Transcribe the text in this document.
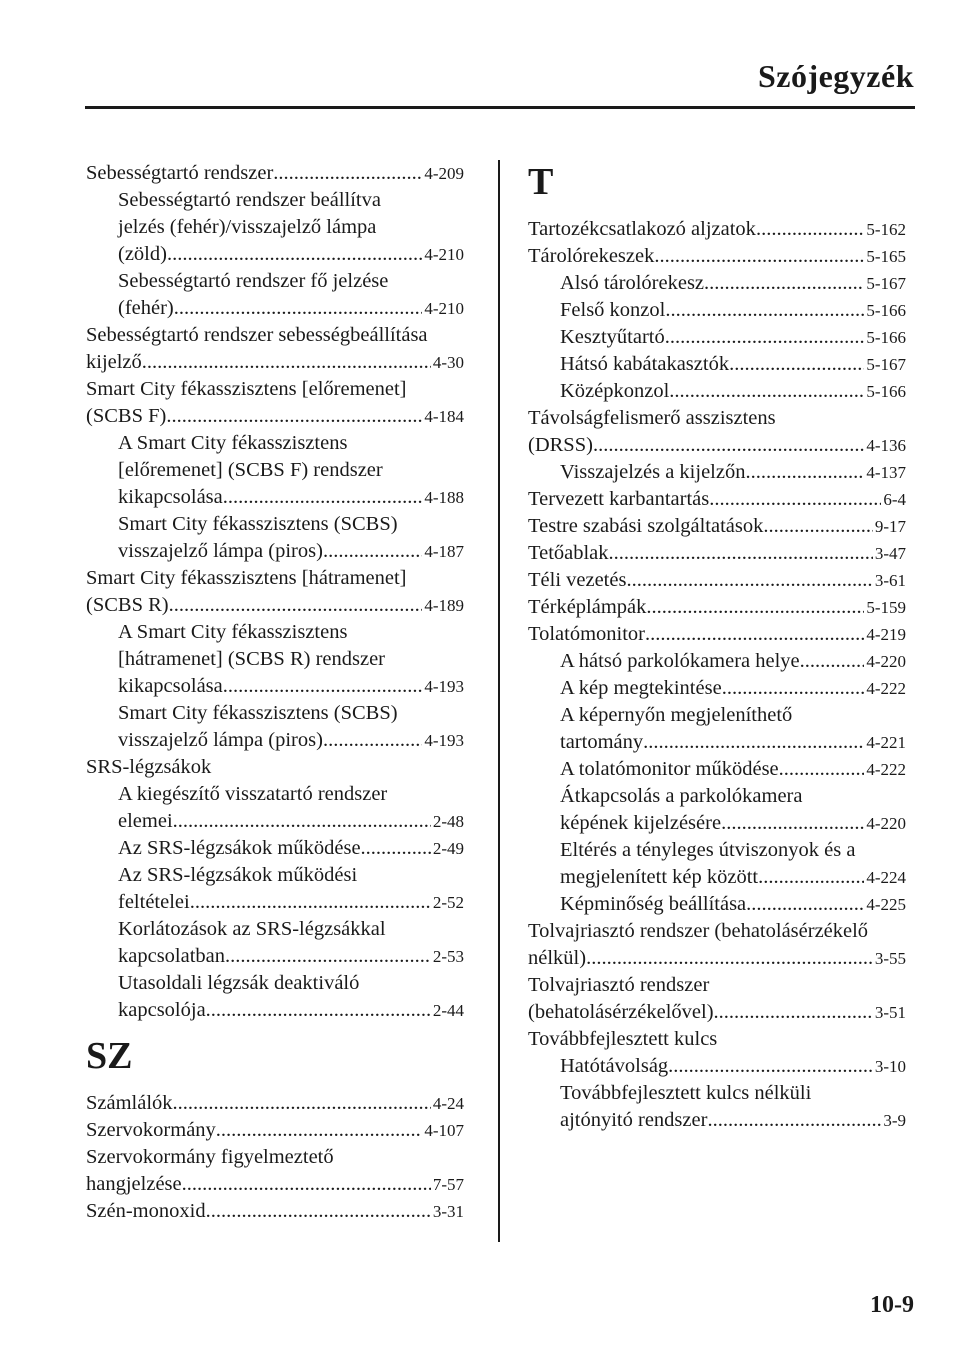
Szójegyzék
Sebességtartó rendszer .....	4-209
Sebességtartó rendszer beállítva
jelzés (fehér)/visszajelző lámpa
(zöld) .....	4-210
Sebességtartó rendszer fő jelzése
(fehér) .....	4-210
Sebességtartó rendszer sebességbeállítása
kijelző .....	4-30
Smart City fékasszisztens [előremenet]
(SCBS F) .....	4-184
A Smart City fékasszisztens
[előremenet] (SCBS F) rendszer
kikapcsolása .....	4-188
Smart City fékasszisztens (SCBS)
visszajelző lámpa (piros) .....	4-187
Smart City fékasszisztens [hátramenet]
(SCBS R) .....	4-189
A Smart City fékasszisztens
[hátramenet] (SCBS R) rendszer
kikapcsolása .....	4-193
Smart City fékasszisztens (SCBS)
visszajelző lámpa (piros) .....	4-193
SRS-légzsákok
A kiegészítő visszatartó rendszer
elemei .....	2-48
Az SRS-légzsákok működése .....	2-49
Az SRS-légzsákok működési
feltételei .....	2-52
Korlátozások az SRS-légzsákkal
kapcsolatban .....	2-53
Utasoldali légzsák deaktiváló
kapcsolója .....	2-44
SZ
Számlálók .....	4-24
Szervokormány .....	4-107
Szervokormány figyelmeztető
hangjelzése .....	7-57
Szén-monoxid .....	3-31
T
Tartozékcsatlakozó aljzatok .....	5-162
Tárolórekeszek .....	5-165
Alsó tárolórekesz .....	5-167
Felső konzol .....	5-166
Kesztyűtartó .....	5-166
Hátsó kabátakasztók .....	5-167
Középkonzol .....	5-166
Távolságfelismerő asszisztens
(DRSS) .....	4-136
Visszajelzés a kijelzőn .....	4-137
Tervezett karbantartás .....	6-4
Testre szabási szolgáltatások .....	9-17
Tetőablak .....	3-47
Téli vezetés .....	3-61
Térképlámpák .....	5-159
Tolatómonitor .....	4-219
A hátsó parkolókamera helye .....	4-220
A kép megtekintése .....	4-222
A képernyőn megjeleníthető
tartomány .....	4-221
A tolatómonitor működése .....	4-222
Átkapcsolás a parkolókamera
képének kijelzésére .....	4-220
Eltérés a tényleges útviszonyok és a
megjelenített kép között .....	4-224
Képminőség beállítása .....	4-225
Tolvajriasztó rendszer (behatolásérzékelő
nélkül) .....	3-55
Tolvajriasztó rendszer
(behatolásérzékelővel) .....	3-51
Továbbfejlesztett kulcs
Hatótávolság .....	3-10
Továbbfejlesztett kulcs nélküli
ajtónyitó rendszer .....	3-9
10-9
